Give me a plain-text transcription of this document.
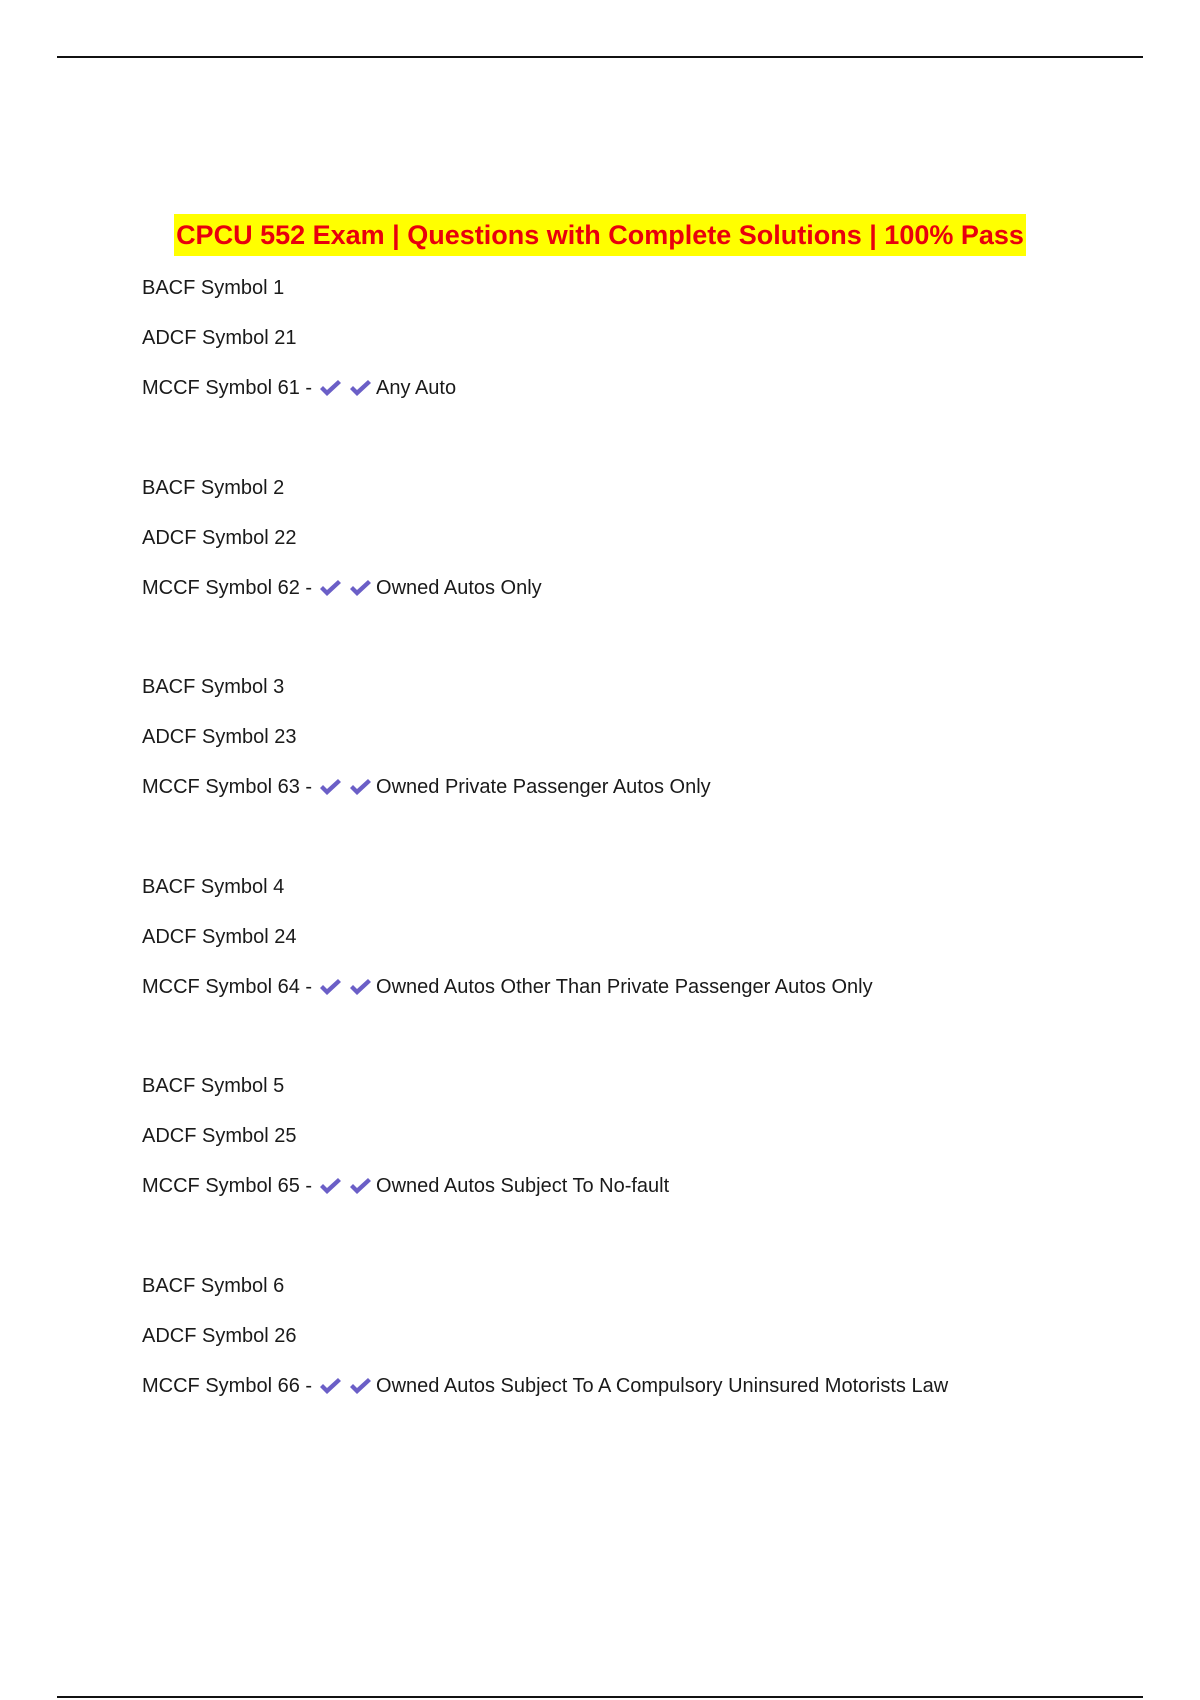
CPCU 552 Exam | Questions with Complete Solutions | 100% Pass
BACF Symbol 1
ADCF Symbol 21
MCCF Symbol 61 -	Any Auto
BACF Symbol 2
ADCF Symbol 22
MCCF Symbol 62 -	Owned Autos Only
BACF Symbol 3
ADCF Symbol 23
MCCF Symbol 63 -	Owned Private Passenger Autos Only
BACF Symbol 4
ADCF Symbol 24
MCCF Symbol 64 -	Owned Autos Other Than Private Passenger Autos Only
BACF Symbol 5
ADCF Symbol 25
MCCF Symbol 65 -	Owned Autos Subject To No-fault
BACF Symbol 6
ADCF Symbol 26
MCCF Symbol 66 -	Owned Autos Subject To A Compulsory Uninsured Motorists Law
